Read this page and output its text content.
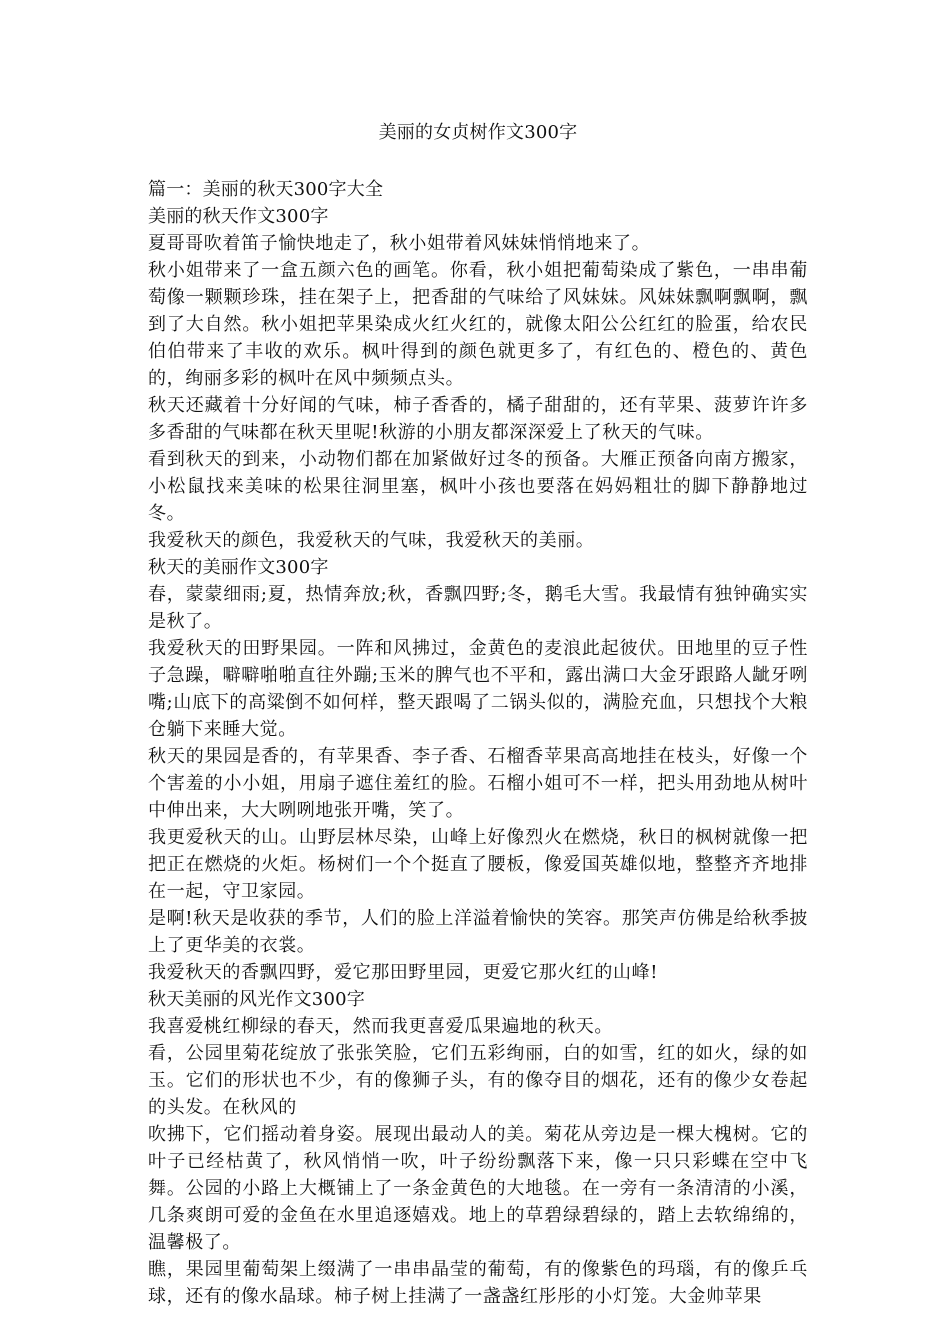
美丽的女贞树作文300字

篇一：美丽的秋天300字大全

美丽的秋天作文300字

夏哥哥吹着笛子愉快地走了，秋小姐带着风妹妹悄悄地来了。

秋小姐带来了一盒五颜六色的画笔。你看，秋小姐把葡萄染成了紫色，一串串葡萄像一颗颗珍珠，挂在架子上，把香甜的气味给了风妹妹。风妹妹飘啊飘啊，飘到了大自然。秋小姐把苹果染成火红火红的，就像太阳公公红红的脸蛋，给农民伯伯带来了丰收的欢乐。枫叶得到的颜色就更多了，有红色的、橙色的、黄色的，绚丽多彩的枫叶在风中频频点头。

秋天还藏着十分好闻的气味，柿子香香的，橘子甜甜的，还有苹果、菠萝许许多多香甜的气味都在秋天里呢!秋游的小朋友都深深爱上了秋天的气味。

看到秋天的到来，小动物们都在加紧做好过冬的预备。大雁正预备向南方搬家，小松鼠找来美味的松果往洞里塞，枫叶小孩也要落在妈妈粗壮的脚下静静地过冬。

我爱秋天的颜色，我爱秋天的气味，我爱秋天的美丽。

秋天的美丽作文300字

春，蒙蒙细雨;夏，热情奔放;秋，香飘四野;冬，鹅毛大雪。我最情有独钟确实实是秋了。

我爱秋天的田野果园。一阵和风拂过，金黄色的麦浪此起彼伏。田地里的豆子性子急躁，噼噼啪啪直往外蹦;玉米的脾气也不平和，露出满口大金牙跟路人龇牙咧嘴;山底下的高粱倒不如何样，整天跟喝了二锅头似的，满脸充血，只想找个大粮仓躺下来睡大觉。

秋天的果园是香的，有苹果香、李子香、石榴香苹果高高地挂在枝头，好像一个个害羞的小小姐，用扇子遮住羞红的脸。石榴小姐可不一样，把头用劲地从树叶中伸出来，大大咧咧地张开嘴，笑了。

我更爱秋天的山。山野层林尽染，山峰上好像烈火在燃烧，秋日的枫树就像一把把正在燃烧的火炬。杨树们一个个挺直了腰板，像爱国英雄似地，整整齐齐地排在一起，守卫家园。

是啊!秋天是收获的季节，人们的脸上洋溢着愉快的笑容。那笑声仿佛是给秋季披上了更华美的衣裳。

我爱秋天的香飘四野，爱它那田野里园，更爱它那火红的山峰!

秋天美丽的风光作文300字

我喜爱桃红柳绿的春天，然而我更喜爱瓜果遍地的秋天。

看，公园里菊花绽放了张张笑脸，它们五彩绚丽，白的如雪，红的如火，绿的如玉。它们的形状也不少，有的像狮子头，有的像夺目的烟花，还有的像少女卷起的头发。在秋风的

吹拂下，它们摇动着身姿。展现出最动人的美。菊花从旁边是一棵大槐树。它的叶子已经枯黄了，秋风悄悄一吹，叶子纷纷飘落下来，像一只只彩蝶在空中飞舞。公园的小路上大概铺上了一条金黄色的大地毯。在一旁有一条清清的小溪，几条爽朗可爱的金鱼在水里追逐嬉戏。地上的草碧绿碧绿的，踏上去软绵绵的，温馨极了。

瞧，果园里葡萄架上缀满了一串串晶莹的葡萄，有的像紫色的玛瑙，有的像乒乓球，还有的像水晶球。柿子树上挂满了一盏盏红彤彤的小灯笼。大金帅苹果
